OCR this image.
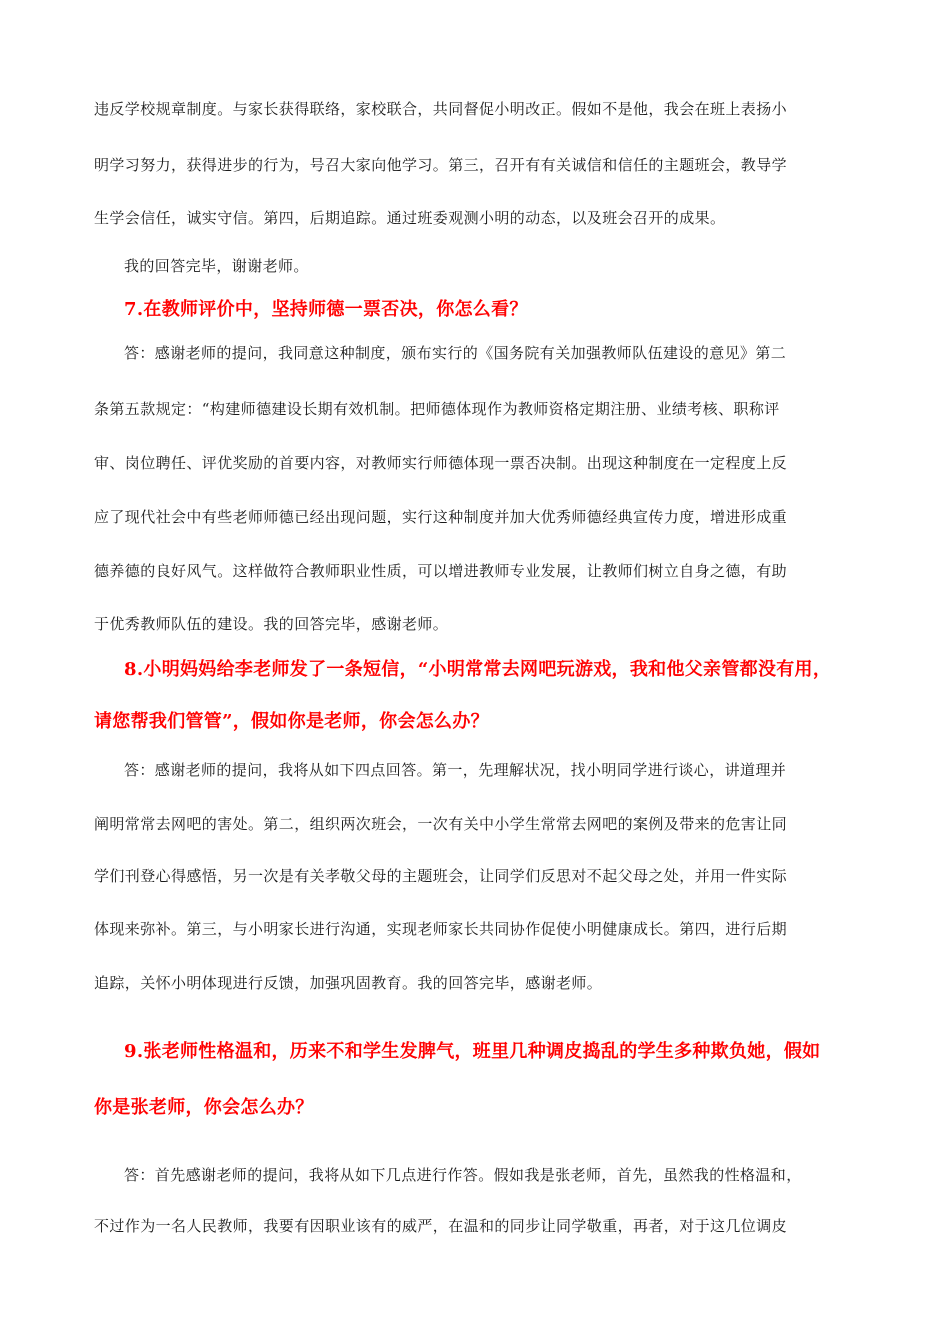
违反学校规章制度。与家长获得联络，家校联合，共同督促小明改正。假如不是他，我会在班上表扬小
明学习努力，获得进步的行为，号召大家向他学习。第三，召开有有关诚信和信任的主题班会，教导学
生学会信任，诚实守信。第四，后期追踪。通过班委观测小明的动态，以及班会召开的成果。
我的回答完毕，谢谢老师。
7.在教师评价中，坚持师德一票否决，你怎么看？
答：感谢老师的提问，我同意这种制度，颁布实行的《国务院有关加强教师队伍建设的意见》第二
条第五款规定：“构建师德建设长期有效机制。把师德体现作为教师资格定期注册、业绩考核、职称评
审、岗位聘任、评优奖励的首要内容，对教师实行师德体现一票否决制。出现这种制度在一定程度上反
应了现代社会中有些老师师德已经出现问题，实行这种制度并加大优秀师德经典宣传力度，增进形成重
德养德的良好风气。这样做符合教师职业性质，可以增进教师专业发展，让教师们树立自身之德，有助
于优秀教师队伍的建设。我的回答完毕，感谢老师。
8.小明妈妈给李老师发了一条短信，“小明常常去网吧玩游戏，我和他父亲管都没有用，
请您帮我们管管”，假如你是老师，你会怎么办？
答：感谢老师的提问，我将从如下四点回答。第一，先理解状况，找小明同学进行谈心，讲道理并
阐明常常去网吧的害处。第二，组织两次班会，一次有关中小学生常常去网吧的案例及带来的危害让同
学们刊登心得感悟，另一次是有关孝敬父母的主题班会，让同学们反思对不起父母之处，并用一件实际
体现来弥补。第三，与小明家长进行沟通，实现老师家长共同协作促使小明健康成长。第四，进行后期
追踪，关怀小明体现进行反馈，加强巩固教育。我的回答完毕，感谢老师。
9.张老师性格温和，历来不和学生发脾气，班里几种调皮捣乱的学生多种欺负她，假如
你是张老师，你会怎么办？
答：首先感谢老师的提问，我将从如下几点进行作答。假如我是张老师，首先，虽然我的性格温和，
不过作为一名人民教师，我要有因职业该有的威严，在温和的同步让同学敬重，再者，对于这几位调皮
